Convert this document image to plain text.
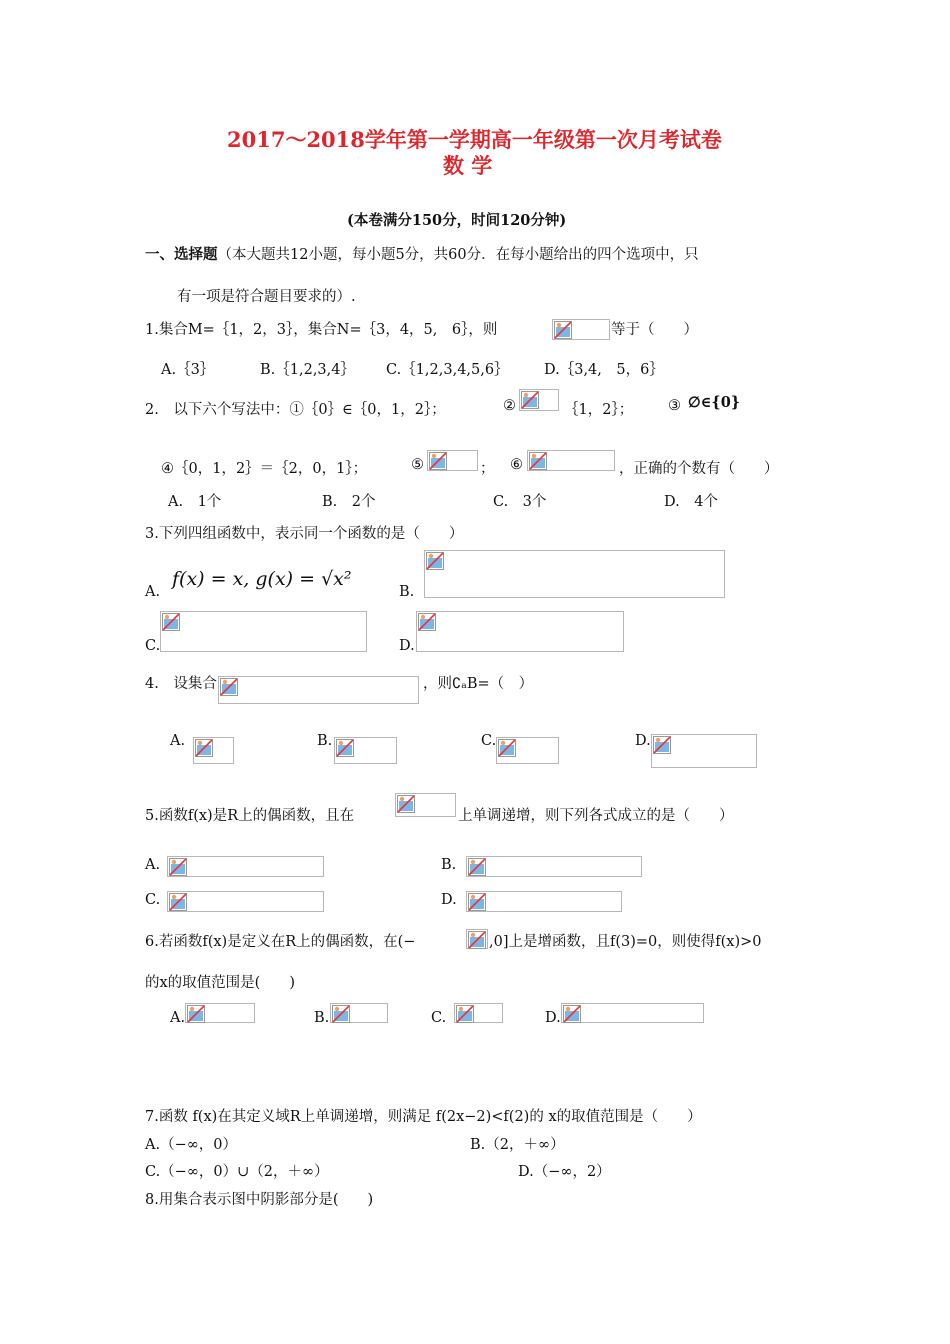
2017～2018学年第一学期高一年级第一次月考试卷
数 学
(本卷满分150分，时间120分钟)
一、选择题（本大题共12小题，每小题5分，共60分．在每小题给出的四个选项中，只
有一项是符合题目要求的）.
1.集合M=｛1，2，3｝，集合N=｛3，4，5,　6｝，则	等于（　　）
A.｛3｝	B.｛1,2,3,4｝ C.｛1,2,3,4,5,6｝ D.｛3,4,　5，6｝
2.　以下六个写法中：①｛0｝∈｛0，1，2｝；	②	｛1，2｝； ③ ∅∈{0}
④｛0，1，2｝＝｛2，0，1｝；	⑤	； ⑥	，正确的个数有（　　）
A.　1个	B.　2个	C.　3个	D.　4个
3.下列四组函数中，表示同一个函数的是（　　）
f(x) = x, g(x) = √x²
A.	B.
C.	D.
4.　设集合	，则∁ₐB=（　）
A.	B.	C.	D.
5.函数f(x)是R上的偶函数，且在	上单调递增，则下列各式成立的是（　　）
A.	B.
C.	D.
6.若函数f(x)是定义在R上的偶函数，在(−	,0]上是增函数，且f(3)=0，则使得f(x)>0
的x的取值范围是(　　)
A.	B.	C.	D.
7.函数 f(x)在其定义域R上单调递增，则满足 f(2x−2)<f(2)的 x的取值范围是（　　）
A.（−∞，0）	B.（2，＋∞）
C.（−∞，0）∪（2，＋∞）	D.（−∞，2）
8.用集合表示图中阴影部分是(　　)
